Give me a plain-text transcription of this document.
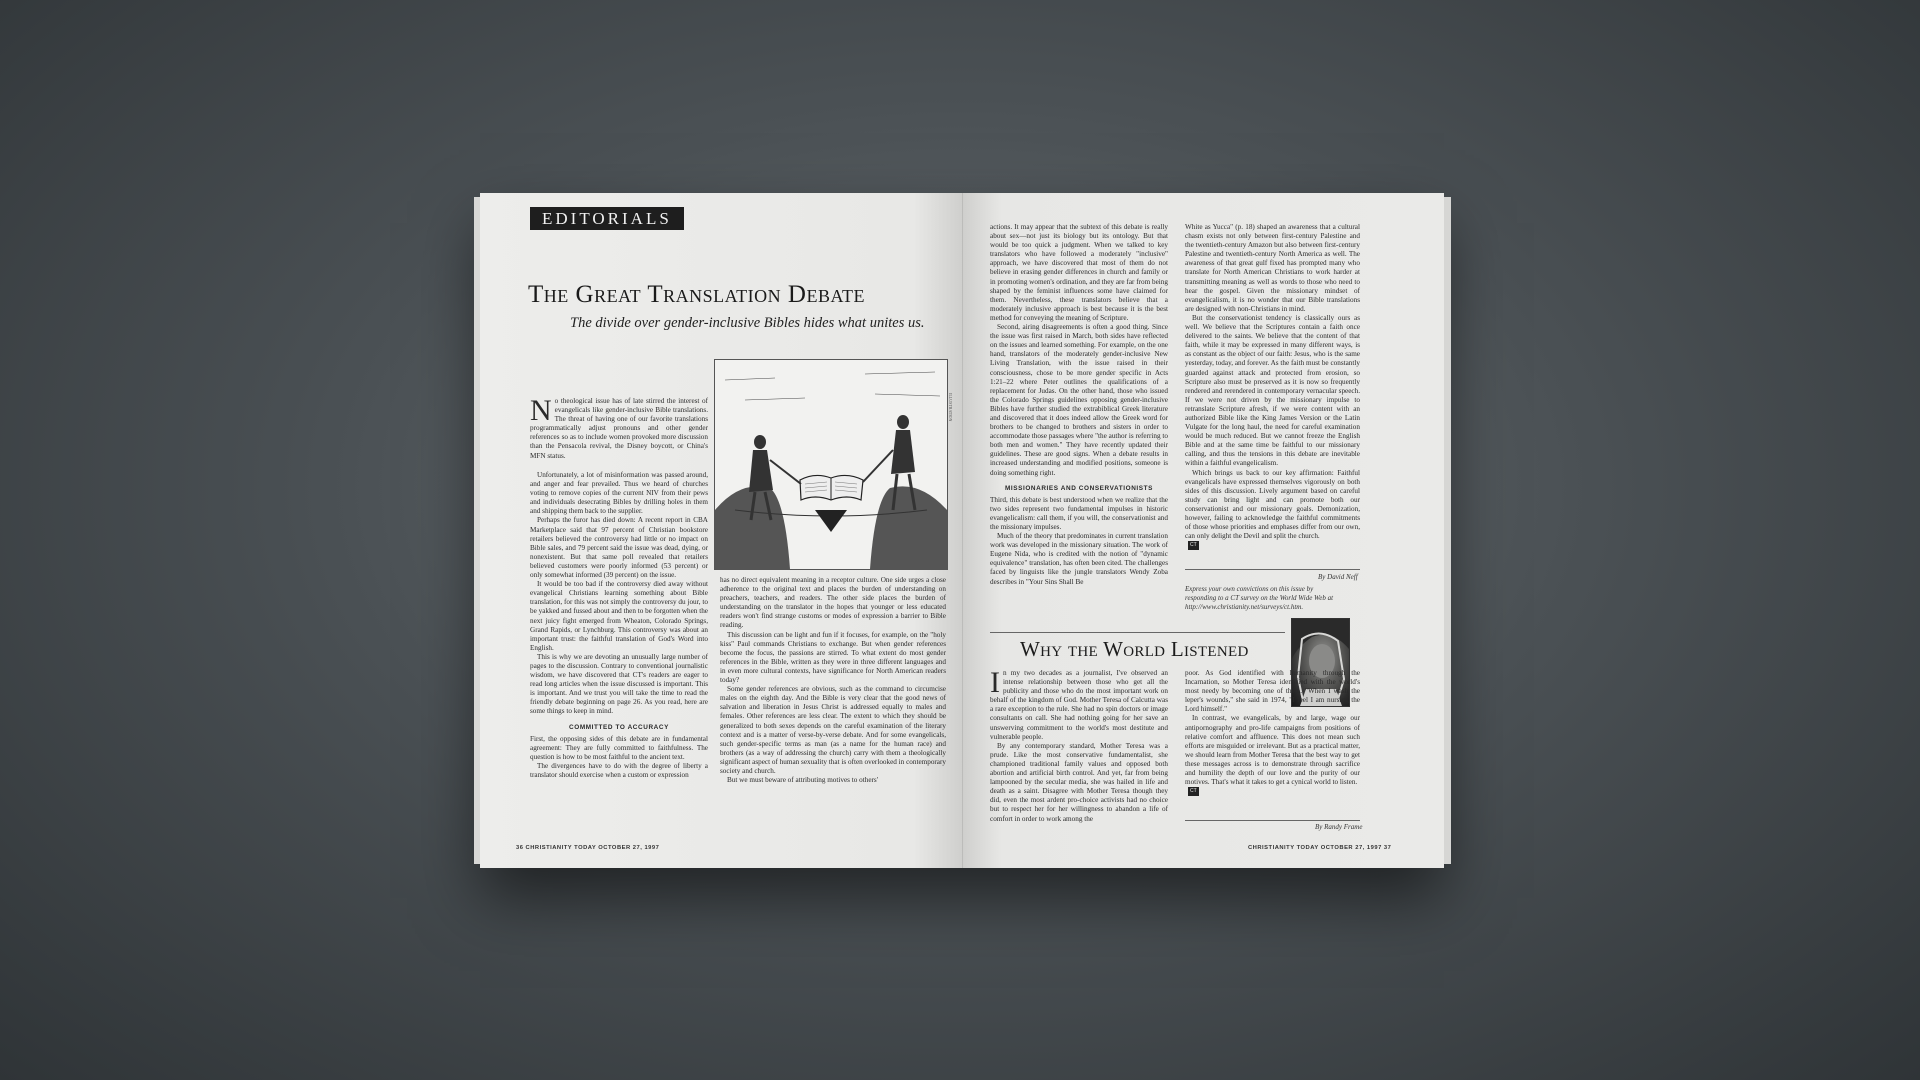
EDITORIALS
The Great Translation Debate
The divide over gender-inclusive Bibles hides what unites us.
N o theological issue has of late stirred the interest of evangelicals like gender-inclusive Bible translations. The threat of having one of our favorite translations programmatically adjust pronouns and other gender references so as to include women provoked more discussion than the Pensacola revival, the Disney boycott, or China's MFN status.

Unfortunately, a lot of misinformation was passed around, and anger and fear prevailed. Thus we heard of churches voting to remove copies of the current NIV from their pews and individuals desecrating Bibles by drilling holes in them and shipping them back to the supplier.

Perhaps the furor has died down: A recent report in CBA Marketplace said that 97 percent of Christian bookstore retailers believed the controversy had little or no impact on Bible sales, and 79 percent said the issue was dead, dying, or nonexistent. But that same poll revealed that retailers believed customers were poorly informed (53 percent) or only somewhat informed (39 percent) on the issue.

It would be too bad if the controversy died away without evangelical Christians learning something about Bible translation, for this was not simply the controversy du jour, to be yakked and fussed about and then to be forgotten when the next juicy fight emerged from Wheaton, Colorado Springs, Grand Rapids, or Lynchburg. This controversy was about an important trust: the faithful translation of God's Word into English.

This is why we are devoting an unusually large number of pages to the discussion. Contrary to conventional journalistic wisdom, we have discovered that CT's readers are eager to read long articles when the issue discussed is important. This is important. And we trust you will take the time to read the friendly debate beginning on page 26. As you read, here are some things to keep in mind.

COMMITTED TO ACCURACY

First, the opposing sides of this debate are in fundamental agreement: They are fully committed to faithfulness. The question is how to be most faithful to the ancient text.

The divergences have to do with the degree of liberty a translator should exercise when a custom or expression

ILLUSTRATION

has no direct equivalent meaning in a receptor culture. One side urges a close adherence to the original text and places the burden of understanding on preachers, teachers, and readers. The other side places the burden of understanding on the translator in the hopes that younger or less educated readers won't find strange customs or modes of expression a barrier to Bible reading.

This discussion can be light and fun if it focuses, for example, on the "holy kiss" Paul commands Christians to exchange. But when gender references become the focus, the passions are stirred. To what extent do most gender references in the Bible, written as they were in three different languages and in even more cultural contexts, have significance for North American readers today?

Some gender references are obvious, such as the command to circumcise males on the eighth day. And the Bible is very clear that the good news of salvation and liberation in Jesus Christ is addressed equally to males and females. Other references are less clear. The extent to which they should be generalized to both sexes depends on the careful examination of the literary context and is a matter of verse-by-verse debate. And for some evangelicals, such gender-specific terms as man (as a name for the human race) and brothers (as a way of addressing the church) carry with them a theologically significant aspect of human sexuality that is often overlooked in contemporary society and church.

But we must beware of attributing motives to others'

36 CHRISTIANITY TODAY OCTOBER 27, 1997

actions. It may appear that the subtext of this debate is really about sex—not just its biology but its ontology. But that would be too quick a judgment. When we talked to key translators who have followed a moderately "inclusive" approach, we have discovered that most of them do not believe in erasing gender differences in church and family or in promoting women's ordination, and they are far from being shaped by the feminist influences some have claimed for them. Nevertheless, these translators believe that a moderately inclusive approach is best because it is the best method for conveying the meaning of Scripture.

Second, airing disagreements is often a good thing. Since the issue was first raised in March, both sides have reflected on the issues and learned something. For example, on the one hand, translators of the moderately gender-inclusive New Living Translation, with the issue raised in their consciousness, chose to be more gender specific in Acts 1:21–22 where Peter outlines the qualifications of a replacement for Judas. On the other hand, those who issued the Colorado Springs guidelines opposing gender-inclusive Bibles have further studied the extrabiblical Greek literature and discovered that it does indeed allow the Greek word for brothers to be changed to brothers and sisters in order to accommodate those passages where "the author is referring to both men and women." They have recently updated their guidelines. These are good signs. When a debate results in increased understanding and modified positions, someone is doing something right.

MISSIONARIES AND CONSERVATIONISTS

Third, this debate is best understood when we realize that the two sides represent two fundamental impulses in historic evangelicalism: call them, if you will, the conservationist and the missionary impulses.

Much of the theory that predominates in current translation work was developed in the missionary situation. The work of Eugene Nida, who is credited with the notion of "dynamic equivalence" translation, has often been cited. The challenges faced by linguists like the jungle translators Wendy Zoba describes in "Your Sins Shall Be

White as Yucca" (p. 18) shaped an awareness that a cultural chasm exists not only between first-century Palestine and the twentieth-century Amazon but also between first-century Palestine and twentieth-century North America as well. The awareness of that great gulf fixed has prompted many who translate for North American Christians to work harder at transmitting meaning as well as words to those who need to hear the gospel. Given the missionary mindset of evangelicalism, it is no wonder that our Bible translations are designed with non-Christians in mind.

But the conservationist tendency is classically ours as well. We believe that the Scriptures contain a faith once delivered to the saints. We believe that the content of that faith, while it may be expressed in many different ways, is as constant as the object of our faith: Jesus, who is the same yesterday, today, and forever. As the faith must be constantly guarded against attack and protected from erosion, so Scripture also must be preserved as it is now so frequently rendered and rerendered in contemporary vernacular speech. If we were not driven by the missionary impulse to retranslate Scripture afresh, if we were content with an authorized Bible like the King James Version or the Latin Vulgate for the long haul, the need for careful examination would be much reduced. But we cannot freeze the English Bible and at the same time be faithful to our missionary calling, and thus the tensions in this debate are inevitable within a faithful evangelicalism.

Which brings us back to our key affirmation: Faithful evangelicals have expressed themselves vigorously on both sides of this discussion. Lively argument based on careful study can bring light and can promote both our conservationist and our missionary goals. Demonization, however, failing to acknowledge the faithful commitments of those whose priorities and emphases differ from our own, can only delight the Devil and split the church.

CT
By David Neff
Express your own convictions on this issue by responding to a CT survey on the World Wide Web at http://www.christianity.net/surveys/ct.htm.
Why the World Listened
I n my two decades as a journalist, I've observed an intense relationship between those who get all the publicity and those who do the most important work on behalf of the kingdom of God. Mother Teresa of Calcutta was a rare exception to the rule. She had no spin doctors or image consultants on call. She had nothing going for her save an unswerving commitment to the world's most destitute and vulnerable people.

By any contemporary standard, Mother Teresa was a prude. Like the most conservative fundamentalist, she championed traditional family values and opposed both abortion and artificial birth control. And yet, far from being lampooned by the secular media, she was hailed in life and death as a saint. Disagree with Mother Teresa though they did, even the most ardent pro-choice activists had no choice but to respect her for her willingness to abandon a life of comfort in order to work among the

poor. As God identified with humanity through the Incarnation, so Mother Teresa identified with the world's most needy by becoming one of them. "When I wash the leper's wounds," she said in 1974, "I feel I am nursing the Lord himself."

In contrast, we evangelicals, by and large, wage our antipornography and pro-life campaigns from positions of relative comfort and affluence. This does not mean such efforts are misguided or irrelevant. But as a practical matter, we should learn from Mother Teresa that the best way to get these messages across is to demonstrate through sacrifice and humility the depth of our love and the purity of our motives. That's what it takes to get a cynical world to listen.

CT
By Randy Frame
CHRISTIANITY TODAY OCTOBER 27, 1997 37
